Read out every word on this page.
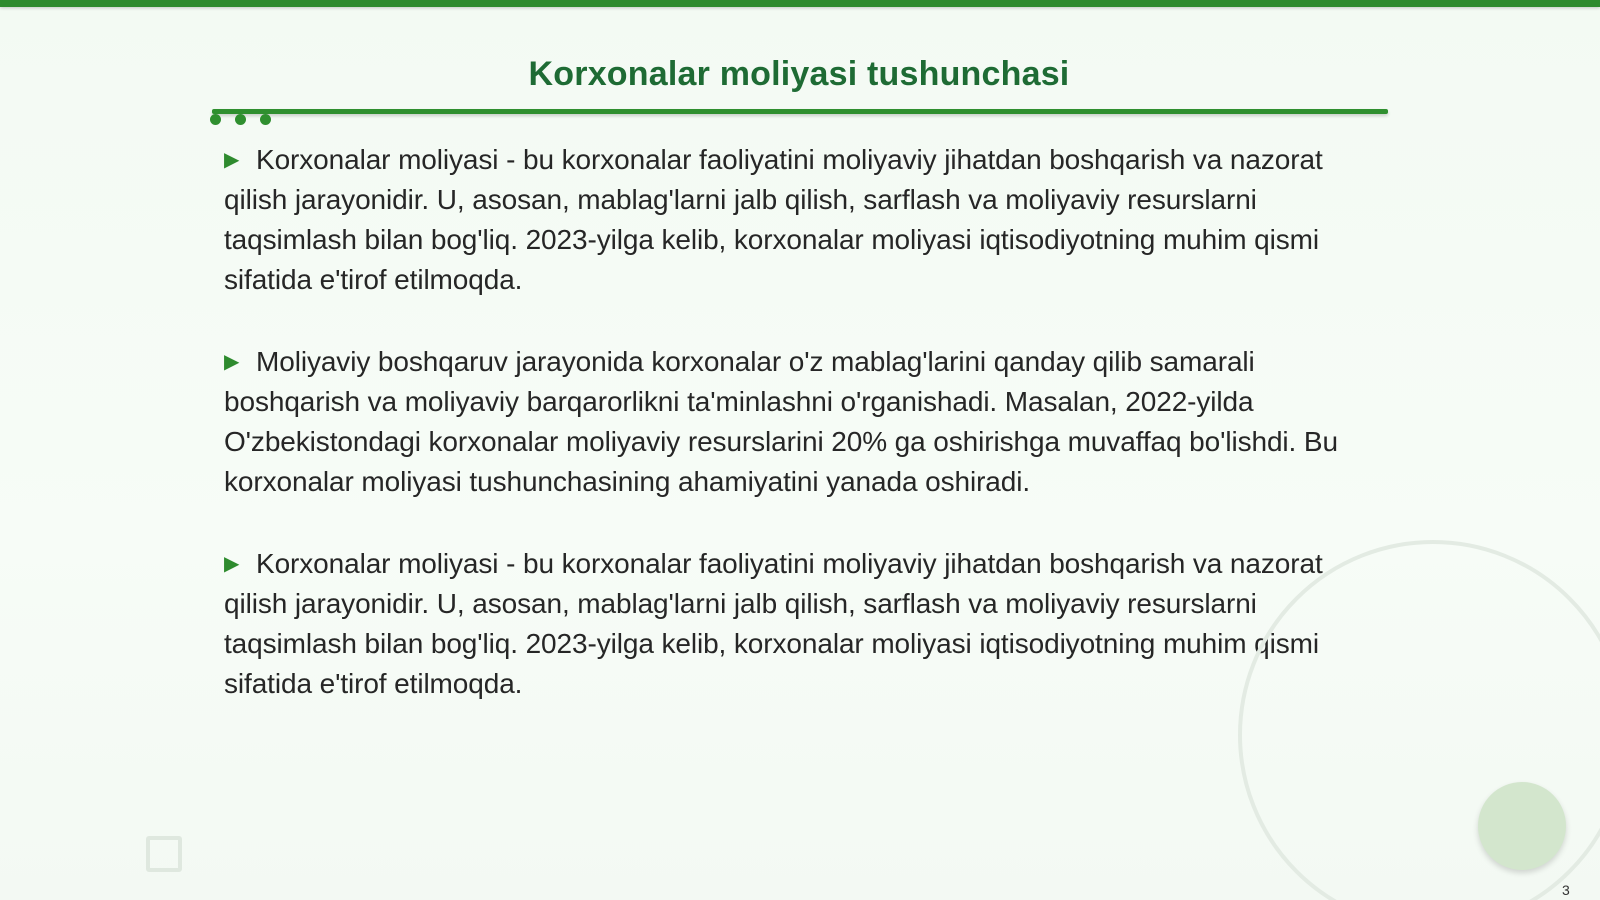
Korxonalar moliyasi tushunchasi

▶ Korxonalar moliyasi - bu korxonalar faoliyatini moliyaviy jihatdan boshqarish va nazorat qilish jarayonidir. U, asosan, mablag'larni jalb qilish, sarflash va moliyaviy resurslarni taqsimlash bilan bog'liq. 2023-yilga kelib, korxonalar moliyasi iqtisodiyotning muhim qismi sifatida e'tirof etilmoqda.

▶ Moliyaviy boshqaruv jarayonida korxonalar o'z mablag'larini qanday qilib samarali boshqarish va moliyaviy barqarorlikni ta'minlashni o'rganishadi. Masalan, 2022-yilda O'zbekistondagi korxonalar moliyaviy resurslarini 20% ga oshirishga muvaffaq bo'lishdi. Bu korxonalar moliyasi tushunchasining ahamiyatini yanada oshiradi.

▶ Korxonalar moliyasi - bu korxonalar faoliyatini moliyaviy jihatdan boshqarish va nazorat qilish jarayonidir. U, asosan, mablag'larni jalb qilish, sarflash va moliyaviy resurslarni taqsimlash bilan bog'liq. 2023-yilga kelib, korxonalar moliyasi iqtisodiyotning muhim qismi sifatida e'tirof etilmoqda.

3
